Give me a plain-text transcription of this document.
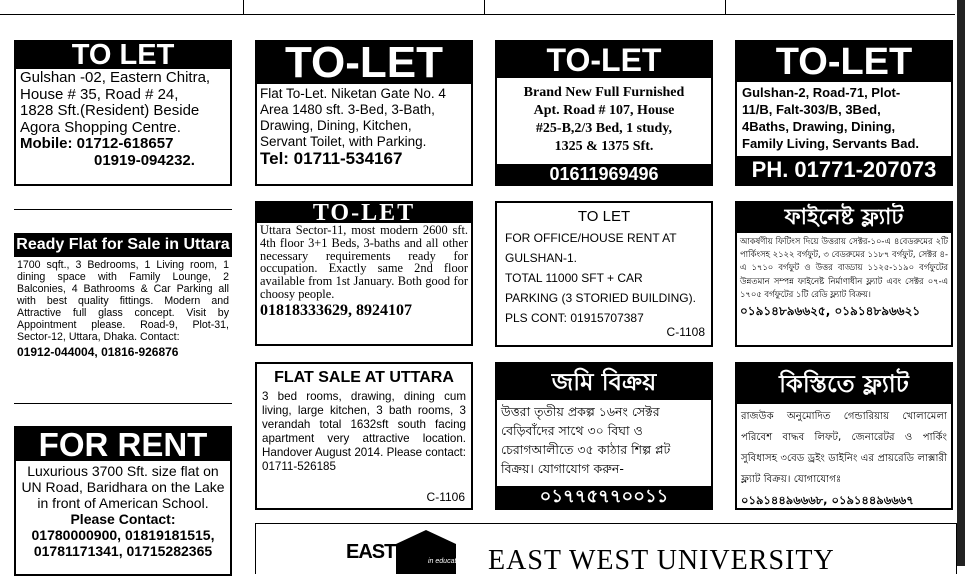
TO LET
Gulshan -02, Eastern Chitra,
House # 35, Road # 24,
1828 Sft.(Resident) Beside
Agora Shopping Centre.
Mobile: 01712-618657
01919-094232.
Ready Flat for Sale in Uttara
1700 sqft., 3 Bedrooms, 1 Living room, 1 dining space with Family Lounge, 2 Balconies, 4 Bathrooms & Car Parking all with best quality fittings. Modern and Attractive full glass concept. Visit by Appointment please. Road-9, Plot-31, Sector-12, Uttara, Dhaka. Contact:
01912-044004, 01816-926876
FOR RENT
Luxurious 3700 Sft. size flat on
UN Road, Baridhara on the Lake
in front of American School.
Please Contact:
01780000900, 01819181515,
01781171341, 01715282365
TO-LET
Flat To-Let. Niketan Gate No. 4
Area 1480 sft. 3-Bed, 3-Bath,
Drawing, Dining, Kitchen,
Servant Toilet, with Parking.
Tel: 01711-534167
TO-LET
Uttara Sector-11, most modern 2600 sft. 4th floor 3+1 Beds, 3-baths and all other necessary requirements ready for occupation. Exactly same 2nd floor available from 1st January. Both good for choosy people.
01818333629, 8924107
FLAT SALE AT UTTARA
3 bed rooms, drawing, dining cum living, large kitchen, 3 bath rooms, 3 verandah total 1632sft south facing apartment very attractive location. Handover August 2014. Please contact: 01711-526185
C-1106
TO-LET
Brand New Full Furnished
Apt. Road # 107, House
#25-B,2/3 Bed, 1 study,
1325 & 1375 Sft.
01611969496
TO LET
FOR OFFICE/HOUSE RENT AT
GULSHAN-1.
TOTAL 11000 SFT + CAR
PARKING (3 STORIED BUILDING).
PLS CONT: 01915707387
C-1108
জমি বিক্রয়
উত্তরা তৃতীয় প্রকল্প ১৬নং সেক্টর বেড়িবাঁদের সাথে ৩০ বিঘা ও চেরাগআলীতে ৩৫ কাঠার শিল্প প্লট বিক্রয়। যোগাযোগ করুন-
০১৭৭৫৭৭০০১১
TO-LET
Gulshan-2, Road-71, Plot-
11/B, Falt-303/B, 3Bed,
4Baths, Drawing, Dining,
Family Living, Servants Bad.
PH. 01771-207073
ফাইনেষ্ট ফ্ল্যাট
আকর্ষণীয় ফিটিংস দিয়ে উত্তরায় সেক্টর-১০-এ ৪বেডরুমের ২টি পার্কিংসহ ২১২২ বর্গফুট, ৩ বেডরুমের ১১৮৭ বর্গফুট, সেক্টর ৪-এ ১৭১০ বর্গফুট ও উত্তর বাড্ডায় ১১২৫-১১৯০ বর্গফুটের উন্নতমান সম্পন্ন ফাইনেষ্ট নির্মাণাধীন ফ্ল্যাট এবং সেক্টর ০৭-এ ১৭০৫ বর্গফুটের ১টি রেডি ফ্ল্যাট বিক্রয়।
০১৯১৪৮৯৬৬২৫, ০১৯১৪৮৯৬৬২১
কিস্তিতে ফ্ল্যাট
রাজউক অনুমোদিত গেন্ডারিয়ায় খোলামেলা পরিবেশ বাদ্ধব লিফট, জেনারেটর ও পার্কিং সুবিধাসহ ৩বেড ড্রইং ডাইনিং এর প্রায়রেডি লাক্সারী ফ্ল্যাট বিক্রয়। যোগাযোগঃ
০১৯১৪৪৯৬৬৬৮, ০১৯১৪৪৯৬৬৬৭
EAST	in education EAST WEST UNIVERSITY
